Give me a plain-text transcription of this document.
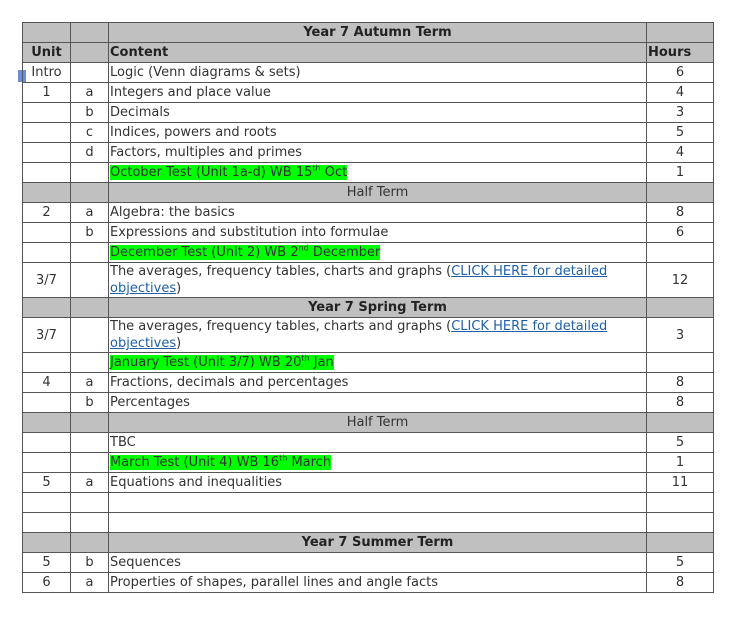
		Year 7 Autumn Term	
Unit		Content	Hours
Intro		Logic (Venn diagrams & sets)	6
1	a	Integers and place value	4
	b	Decimals	3
	c	Indices, powers and roots	5
	d	Factors, multiples and primes	4
		October Test (Unit 1a-d) WB 15th Oct	1
		Half Term	
2	a	Algebra: the basics	8
	b	Expressions and substitution into formulae	6
		December Test (Unit 2) WB 2nd December	
3/7		The averages, frequency tables, charts and graphs (CLICK HERE for detailed objectives)	12
		Year 7 Spring Term	
3/7		The averages, frequency tables, charts and graphs (CLICK HERE for detailed objectives)	3
		January Test (Unit 3/7) WB 20th Jan	
4	a	Fractions, decimals and percentages	8
	b	Percentages	8
		Half Term	
		TBC	5
		March Test (Unit 4) WB 16th March	1
5	a	Equations and inequalities	11

		Year 7 Summer Term	
5	b	Sequences	5
6	a	Properties of shapes, parallel lines and angle facts	8
